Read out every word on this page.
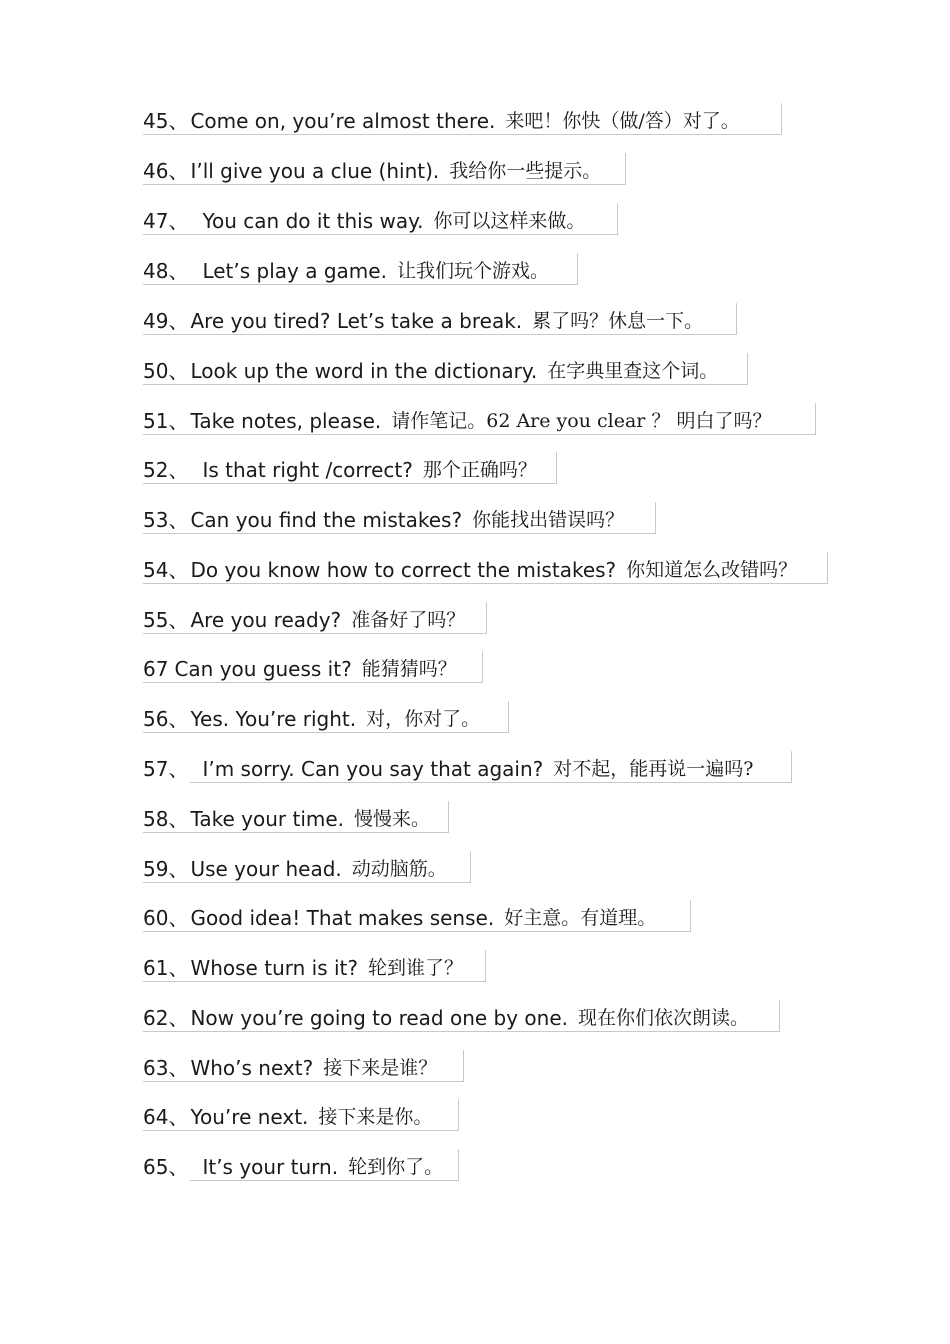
45、 Come on, you’re almost there. 来吧！你快（做/答）对了。
46、 I’ll give you a clue (hint). 我给你一些提示。
47、 You can do it this way. 你可以这样来做。
48、 Let’s play a game. 让我们玩个游戏。
49、 Are you tired? Let’s take a break. 累了吗？休息一下。
50、 Look up the word in the dictionary. 在字典里查这个词。
51、 Take notes, please. 请作笔记。62 Are you clear ？ 明白了吗？
52、 Is that right /correct? 那个正确吗？
53、 Can you find the mistakes? 你能找出错误吗？
54、 Do you know how to correct the mistakes? 你知道怎么改错吗？
55、 Are you ready? 准备好了吗？
67 Can you guess it? 能猜猜吗？
56、 Yes. You’re right. 对，你对了。
57、 I’m sorry. Can you say that again? 对不起，能再说一遍吗?
58、 Take your time. 慢慢来。
59、 Use your head. 动动脑筋。
60、 Good idea! That makes sense. 好主意。有道理。
61、 Whose turn is it? 轮到谁了？
62、 Now you’re going to read one by one. 现在你们依次朗读。
63、 Who’s next? 接下来是谁？
64、 You’re next. 接下来是你。
65、 It’s your turn. 轮到你了。
